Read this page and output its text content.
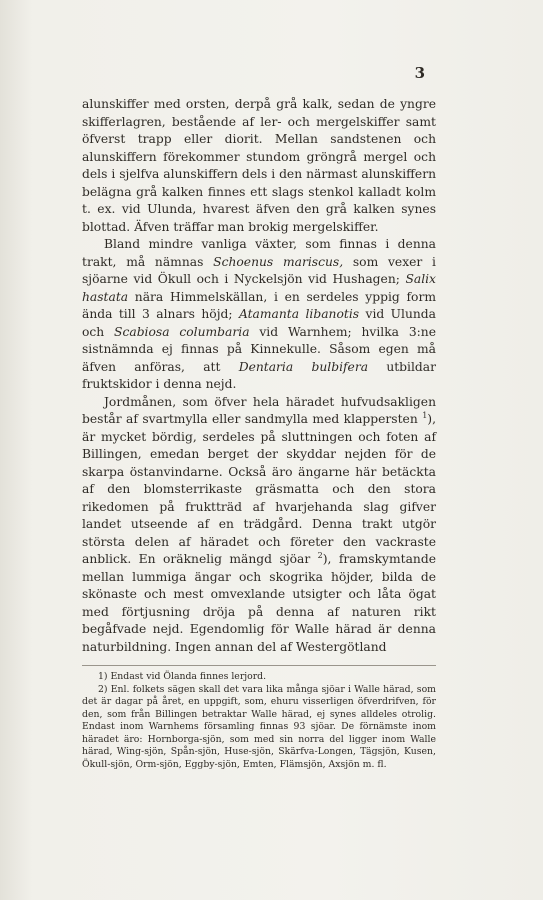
3

alunskiffer med orsten, derpå grå kalk, sedan de yngre skifferlagren, bestående af ler- och mergelskiffer samt öfverst trapp eller diorit. Mellan sandstenen och alunskiffern förekommer stundom gröngrå mergel och dels i sjelfva alunskiffern dels i den närmast alunskiffern belägna grå kalken finnes ett slags stenkol kalladt kolm t. ex. vid Ulunda, hvarest äfven den grå kalken synes blottad. Äfven träffar man brokig mergelskiffer.

Bland mindre vanliga växter, som finnas i denna trakt, må nämnas Schoenus mariscus, som vexer i sjöarne vid Ökull och i Nyckelsjön vid Hushagen; Salix hastata nära Himmelskällan, i en serdeles yppig form ända till 3 alnars höjd; Atamanta libanotis vid Ulunda och Scabiosa columbaria vid Warnhem; hvilka 3:ne sistnämnda ej finnas på Kinnekulle. Såsom egen må äfven anföras, att Dentaria bulbifera utbildar fruktskidor i denna nejd.

Jordmånen, som öfver hela häradet hufvudsakligen består af svartmylla eller sandmylla med klappersten $^1$), är mycket bördig, serdeles på sluttningen och foten af Billingen, emedan berget der skyddar nejden för de skarpa östanvindarne. Också äro ängarne här betäckta af den blomsterrikaste gräsmatta och den stora rikedomen på fruktträd af hvarjehanda slag gifver landet utseende af en trädgård. Denna trakt utgör största delen af häradet och företer den vackraste anblick. En oräknelig mängd sjöar $^2$), framskymtande mellan lummiga ängar och skogrika höjder, bilda de skönaste och mest omvexlande utsigter och låta ögat med förtjusning dröja på denna af naturen rikt begåfvade nejd. Egendomlig för Walle härad är denna naturbildning. Ingen annan del af Westergötland

1) Endast vid Ölanda finnes lerjord.

2) Enl. folkets sägen skall det vara lika många sjöar i Walle härad, som det är dagar på året, en uppgift, som, ehuru visserligen öfverdrifven, för den, som från Billingen betraktar Walle härad, ej synes alldeles otrolig. Endast inom Warnhems församling finnas 93 sjöar. De förnämste inom häradet äro: Hornborga-sjön, som med sin norra del ligger inom Walle härad, Wing-sjön, Spån-sjön, Huse-sjön, Skärfva-Longen, Tägsjön, Kusen, Ökull-sjön, Orm-sjön, Eggby-sjön, Emten, Flämsjön, Axsjön m. fl.
